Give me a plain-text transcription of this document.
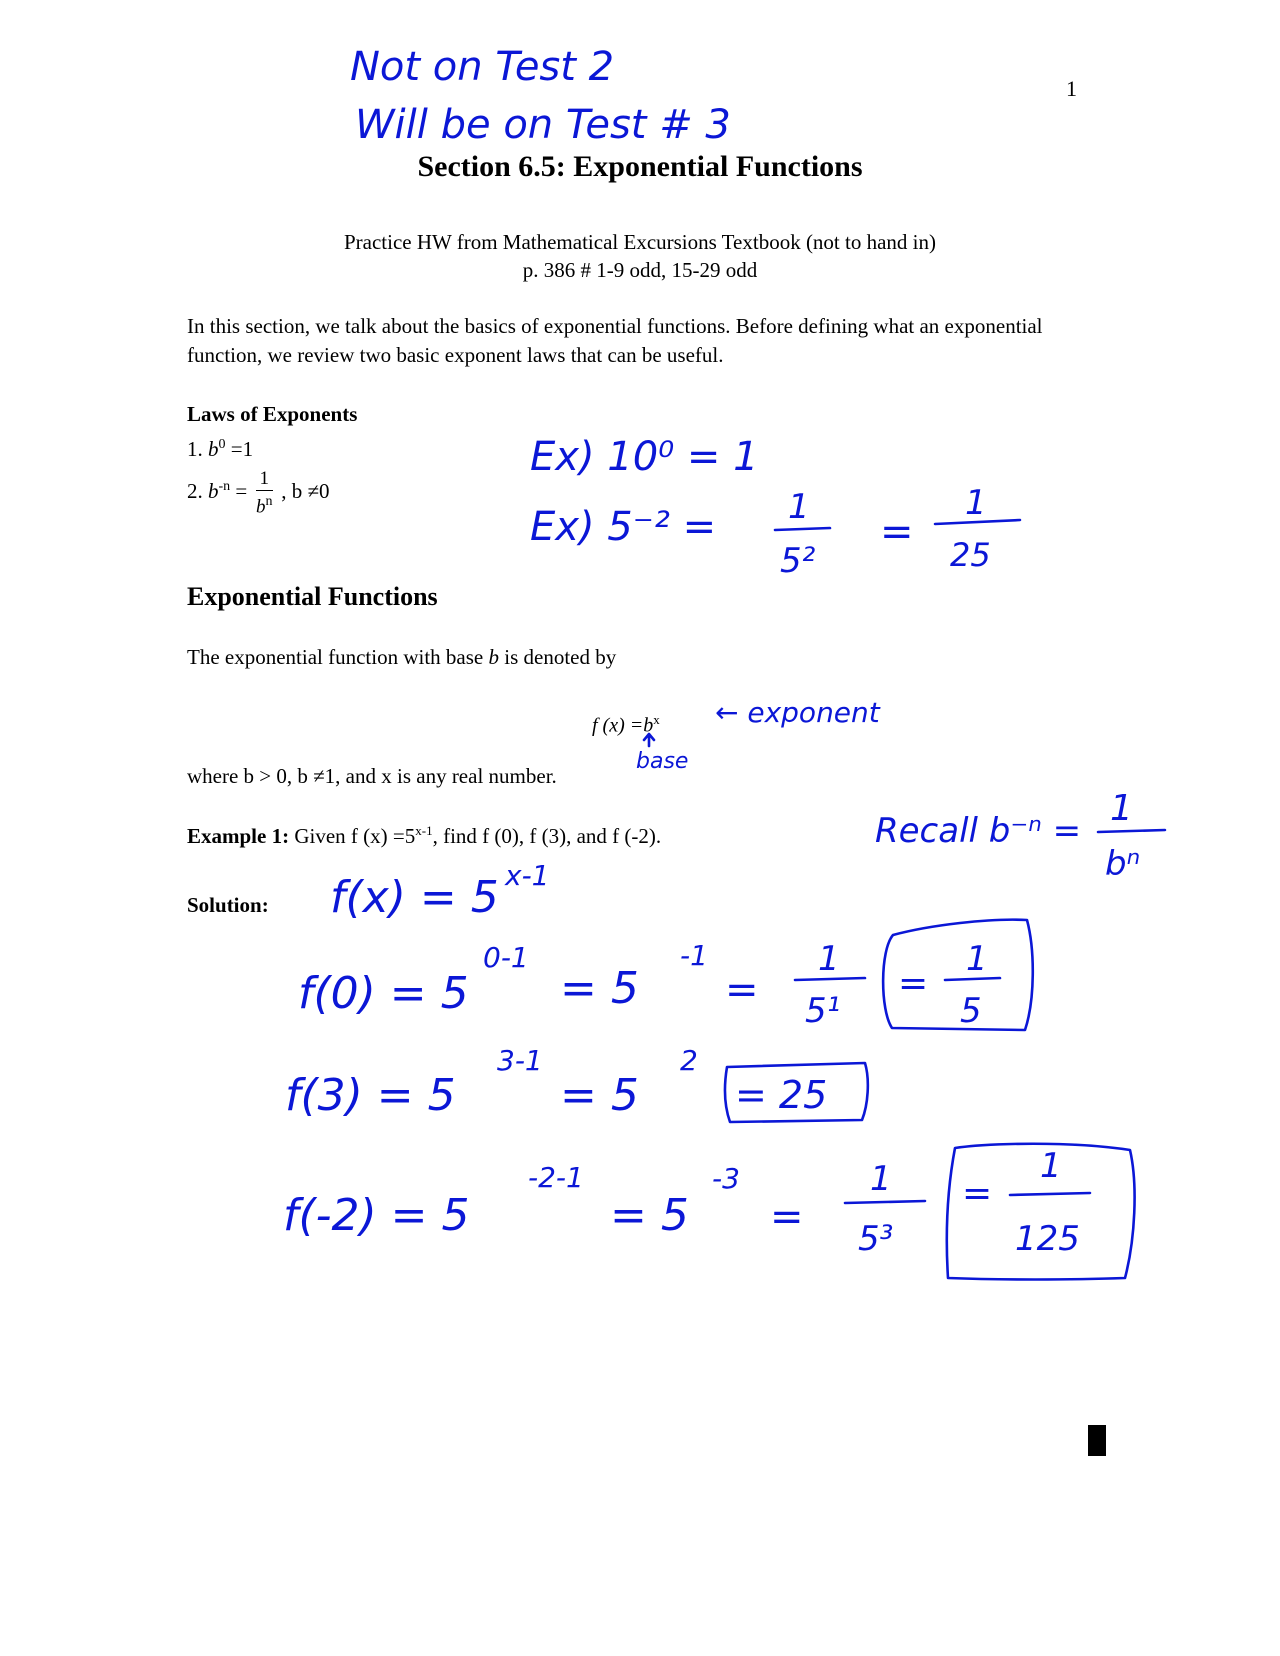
1
Section 6.5: Exponential Functions
Practice HW from Mathematical Excursions Textbook (not to hand in)
p. 386 # 1-9 odd, 15-29 odd
In this section, we talk about the basics of exponential functions. Before defining what an exponential function, we review two basic exponent laws that can be useful.
Laws of Exponents
1. $b^0 =1$
2. $b^{-n} = \frac{1}{b^n}$ , b ≠0
Exponential Functions
The exponential function with base b is denoted by
f $(x) =b^x$
where b > 0, b ≠1, and x is any real number.
Example 1: Given f $(x) =5^{x-1}$, find f (0), f (3), and f (-2).
Solution:
Not on Test 2
Will be on Test # 3
Ex) 10⁰ = 1
Ex) 5⁻² = 1
5²
=
1
25
← exponent
base
Recall b⁻ⁿ =
1
bⁿ
f(x) = 5 x-1
f(0) = 5
0-1
= 5
-1
=
1
5¹
=
1
5
f(3) = 5
3-1
= 5
2
= 25
f(-2) = 5
-2-1
= 5
-3
=
1
5³
=
1
125
